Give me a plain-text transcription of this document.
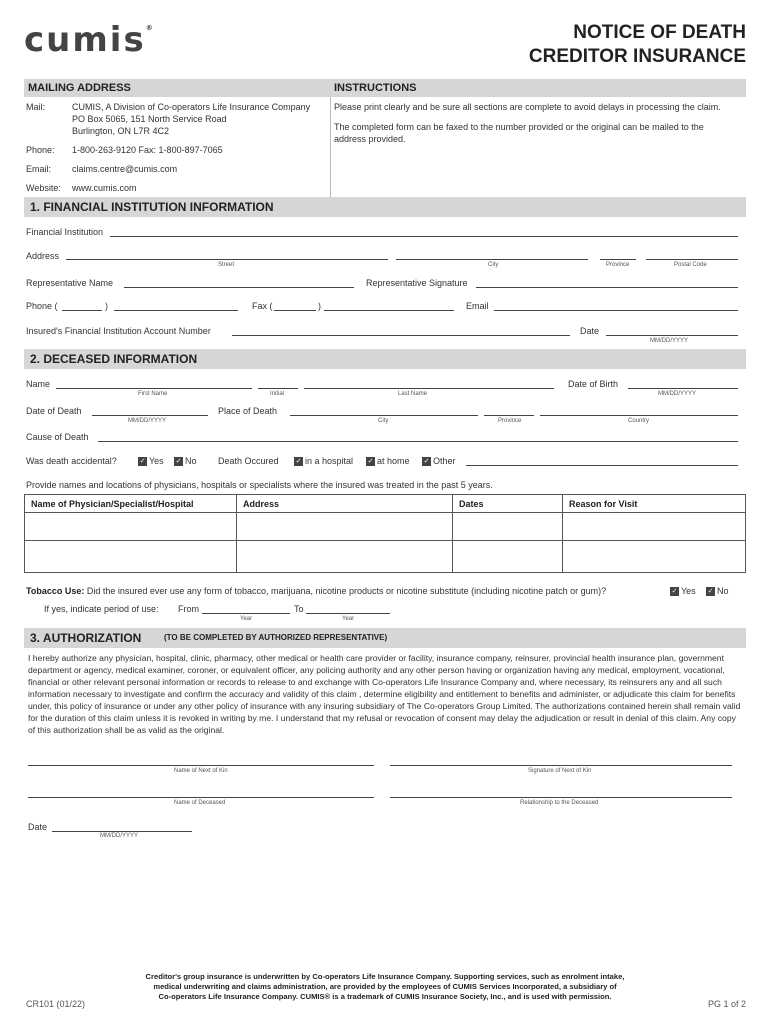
cumis®	NOTICE OF DEATH
CREDITOR INSURANCE
MAILING ADDRESS	INSTRUCTIONS
Mail:	CUMIS, A Division of Co-operators Life Insurance Company
PO Box 5065, 151 North Service Road
Burlington, ON L7R 4C2
Phone: 1-800-263-9120 Fax: 1-800-897-7065
Email: claims.centre@cumis.com
Website: www.cumis.com
Please print clearly and be sure all sections are complete to avoid delays in processing the claim.
The completed form can be faxed to the number provided or the original can be mailed to the
address provided.
1. FINANCIAL INSTITUTION INFORMATION
Financial Institution
Address
Street	City	Province	Postal Code
Representative Name	Representative Signature
Phone (	)	Fax (	)	Email
Insured's Financial Institution Account Number	Date
MM/DD/YYYY
2. DECEASED INFORMATION
Name
First Name	Initial	Last Name
Date of Birth
MM/DD/YYYY
Date of Death
MM/DD/YYYY
Place of Death
City	Province	Country
Cause of Death
Was death accidental?	✓ Yes ✓ No Death Occured ✓ in a hospital ✓ at home ✓ Other
Provide names and locations of physicians, hospitals or specialists where the insured was treated in the past 5 years.
Name of Physician/Specialist/Hospital	Address	Dates	Reason for Visit

Tobacco Use: Did the insured ever use any form of tobacco, marijuana, nicotine products or nicotine substitute (including nicotine patch or gum)?	✓ Yes ✓ No
If yes, indicate period of use: From
Year
To
Year
3. AUTHORIZATION	(TO BE COMPLETED BY AUTHORIZED REPRESENTATIVE)
I hereby authorize any physician, hospital, clinic, pharmacy, other medical or health care provider or facility, insurance company, reinsurer, provincial health insurance plan, government department or agency, medical examiner, coroner, or equivalent officer, any policing authority and any other person having or organization having any medical, employment, vocational, financial or other relevant personal information or records to release to and exchange with Co-operators Life Insurance Company and, where necessary, its reinsurers any and all such information necessary to investigate and confirm the accuracy and validity of this claim , determine eligibility and entitlement to benefits and administer, or adjudicate this claim for benefits under, this policy of insurance or under any other policy of insurance with any insuring subsidiary of The Co-operators Group Limited. The authorizations contained herein shall remain valid for the duration of this claim unless it is revoked in writing by me. I understand that my refusal or revocation of consent may delay the adjudication or result in denial of this claim. Any copy of this authorization shall be as valid as the original.
Name of Next of Kin	Signature of Next of Kin
Name of Deceased	Relationship to the Deceased
Date
MM/DD/YYYY
Creditor's group insurance is underwritten by Co-operators Life Insurance Company. Supporting services, such as enrolment intake,
medical underwriting and claims administration, are provided by the employees of CUMIS Services Incorporated, a subsidiary of
Co-operators Life Insurance Company. CUMIS® is a trademark of CUMIS Insurance Society, Inc., and is used with permission.
CR101 (01/22)	PG 1 of 2
